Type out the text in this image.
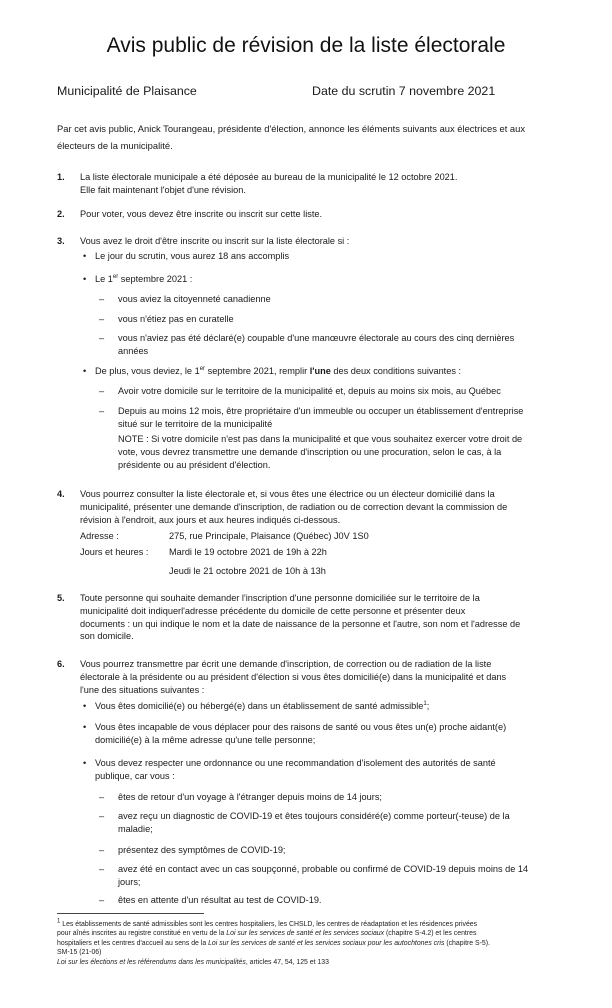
Avis public de révision de la liste électorale
Municipalité de Plaisance	Date du scrutin 7 novembre 2021
Par cet avis public, Anick Tourangeau, présidente d'élection, annonce les éléments suivants aux électrices et aux électeurs de la municipalité.
1. La liste électorale municipale a été déposée au bureau de la municipalité le 12 octobre 2021.
Elle fait maintenant l'objet d'une révision.
2. Pour voter, vous devez être inscrite ou inscrit sur cette liste.
3. Vous avez le droit d'être inscrite ou inscrit sur la liste électorale si :
• Le jour du scrutin, vous aurez 18 ans accomplis
• Le 1er septembre 2021 :
– vous aviez la citoyenneté canadienne
– vous n'étiez pas en curatelle
– vous n'aviez pas été déclaré(e) coupable d'une manœuvre électorale au cours des cinq dernières
années
• De plus, vous deviez, le 1er septembre 2021, remplir l'une des deux conditions suivantes :
– Avoir votre domicile sur le territoire de la municipalité et, depuis au moins six mois, au Québec
– Depuis au moins 12 mois, être propriétaire d'un immeuble ou occuper un établissement d'entreprise
situé sur le territoire de la municipalité
NOTE : Si votre domicile n'est pas dans la municipalité et que vous souhaitez exercer votre droit de
vote, vous devrez transmettre une demande d'inscription ou une procuration, selon le cas, à la
présidente ou au président d'élection.
4. Vous pourrez consulter la liste électorale et, si vous êtes une électrice ou un électeur domicilié dans la
municipalité, présenter une demande d'inscription, de radiation ou de correction devant la commission de
révision à l'endroit, aux jours et aux heures indiqués ci-dessous.
Adresse :	275, rue Principale, Plaisance (Québec) J0V 1S0
Jours et heures : Mardi le 19 octobre 2021 de 19h à 22h
Jeudi le 21 octobre 2021 de 10h à 13h
5. Toute personne qui souhaite demander l'inscription d'une personne domiciliée sur le territoire de la
municipalité doit indiquerl'adresse précédente du domicile de cette personne et présenter deux
documents : un qui indique le nom et la date de naissance de la personne et l'autre, son nom et l'adresse de
son domicile.
6. Vous pourrez transmettre par écrit une demande d'inscription, de correction ou de radiation de la liste
électorale à la présidente ou au président d'élection si vous êtes domicilié(e) dans la municipalité et dans
l'une des situations suivantes :
• Vous êtes domicilié(e) ou hébergé(e) dans un établissement de santé admissible$^1$;
• Vous êtes incapable de vous déplacer pour des raisons de santé ou vous êtes un(e) proche aidant(e)
domicilié(e) à la même adresse qu'une telle personne;
• Vous devez respecter une ordonnance ou une recommandation d'isolement des autorités de santé
publique, car vous :
– êtes de retour d'un voyage à l'étranger depuis moins de 14 jours;
– avez reçu un diagnostic de COVID-19 et êtes toujours considéré(e) comme porteur(-teuse) de la
maladie;
– présentez des symptômes de COVID-19;
– avez été en contact avec un cas soupçonné, probable ou confirmé de COVID-19 depuis moins de 14
jours;
– êtes en attente d'un résultat au test de COVID-19.
$^1$ Les établissements de santé admissibles sont les centres hospitaliers, les CHSLD, les centres de réadaptation et les résidences privées
pour aînés inscrites au registre constitué en vertu de la Loi sur les services de santé et les services sociaux (chapitre S-4.2) et les centres
hospitaliers et les centres d'accueil au sens de la Loi sur les services de santé et les services sociaux pour les autochtones cris (chapitre S-5).
SM-15 (21-06)
Loi sur les élections et les référendums dans les municipalités, articles 47, 54, 125 et 133
